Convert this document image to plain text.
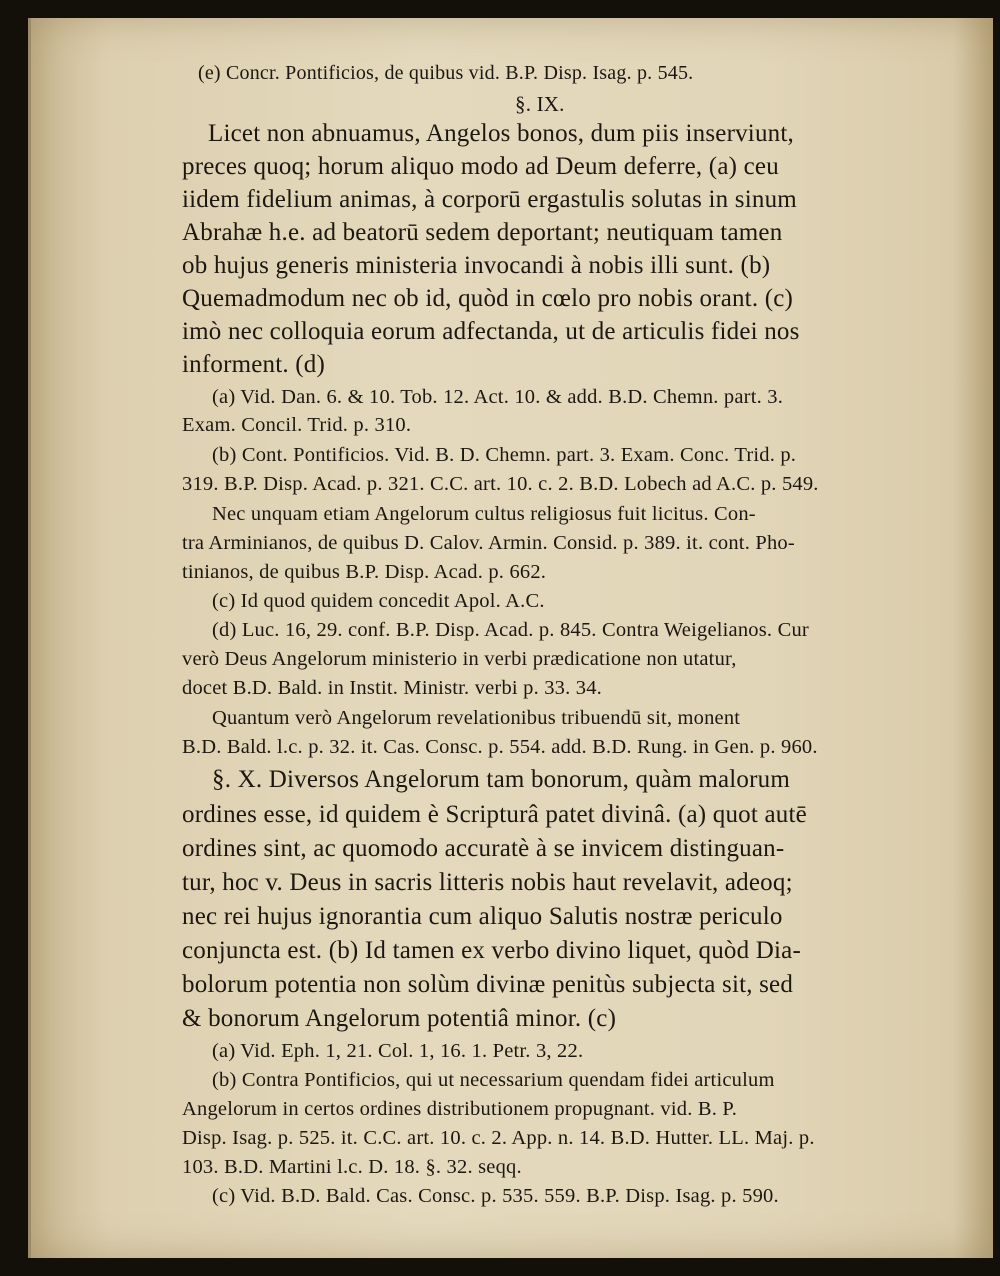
(e) Concr. Pontificios, de quibus vid. B.P. Disp. Isag. p. 545.
§. IX.
Licet non abnuamus, Angelos bonos, dum piis inserviunt,
preces quoq; horum aliquo modo ad Deum deferre, (a) ceu
iidem fidelium animas, à corporū ergastulis solutas in sinum
Abrahæ h.e. ad beatorū sedem deportant; neutiquam tamen
ob hujus generis ministeria invocandi à nobis illi sunt. (b)
Quemadmodum nec ob id, quòd in cœlo pro nobis orant. (c)
imò nec colloquia eorum adfectanda, ut de articulis fidei nos
informent. (d)
(a) Vid. Dan. 6. & 10. Tob. 12. Act. 10. & add. B.D. Chemn. part. 3.
Exam. Concil. Trid. p. 310.
(b) Cont. Pontificios. Vid. B. D. Chemn. part. 3. Exam. Conc. Trid. p.
319. B.P. Disp. Acad. p. 321. C.C. art. 10. c. 2. B.D. Lobech ad A.C. p. 549.
Nec unquam etiam Angelorum cultus religiosus fuit licitus. Con-
tra Arminianos, de quibus D. Calov. Armin. Consid. p. 389. it. cont. Pho-
tinianos, de quibus B.P. Disp. Acad. p. 662.
(c) Id quod quidem concedit Apol. A.C.
(d) Luc. 16, 29. conf. B.P. Disp. Acad. p. 845. Contra Weigelianos. Cur
verò Deus Angelorum ministerio in verbi prædicatione non utatur,
docet B.D. Bald. in Instit. Ministr. verbi p. 33. 34.
Quantum verò Angelorum revelationibus tribuendū sit, monent
B.D. Bald. l.c. p. 32. it. Cas. Consc. p. 554. add. B.D. Rung. in Gen. p. 960.
§. X. Diversos Angelorum tam bonorum, quàm malorum
ordines esse, id quidem è Scripturâ patet divinâ. (a) quot autē
ordines sint, ac quomodo accuratè à se invicem distinguan-
tur, hoc v. Deus in sacris litteris nobis haut revelavit, adeoq;
nec rei hujus ignorantia cum aliquo Salutis nostræ periculo
conjuncta est. (b) Id tamen ex verbo divino liquet, quòd Dia-
bolorum potentia non solùm divinæ penitùs subjecta sit, sed
& bonorum Angelorum potentiâ minor. (c)
(a) Vid. Eph. 1, 21. Col. 1, 16. 1. Petr. 3, 22.
(b) Contra Pontificios, qui ut necessarium quendam fidei articulum
Angelorum in certos ordines distributionem propugnant. vid. B. P.
Disp. Isag. p. 525. it. C.C. art. 10. c. 2. App. n. 14. B.D. Hutter. LL. Maj. p.
103. B.D. Martini l.c. D. 18. §. 32. seqq.
(c) Vid. B.D. Bald. Cas. Consc. p. 535. 559. B.P. Disp. Isag. p. 590.
